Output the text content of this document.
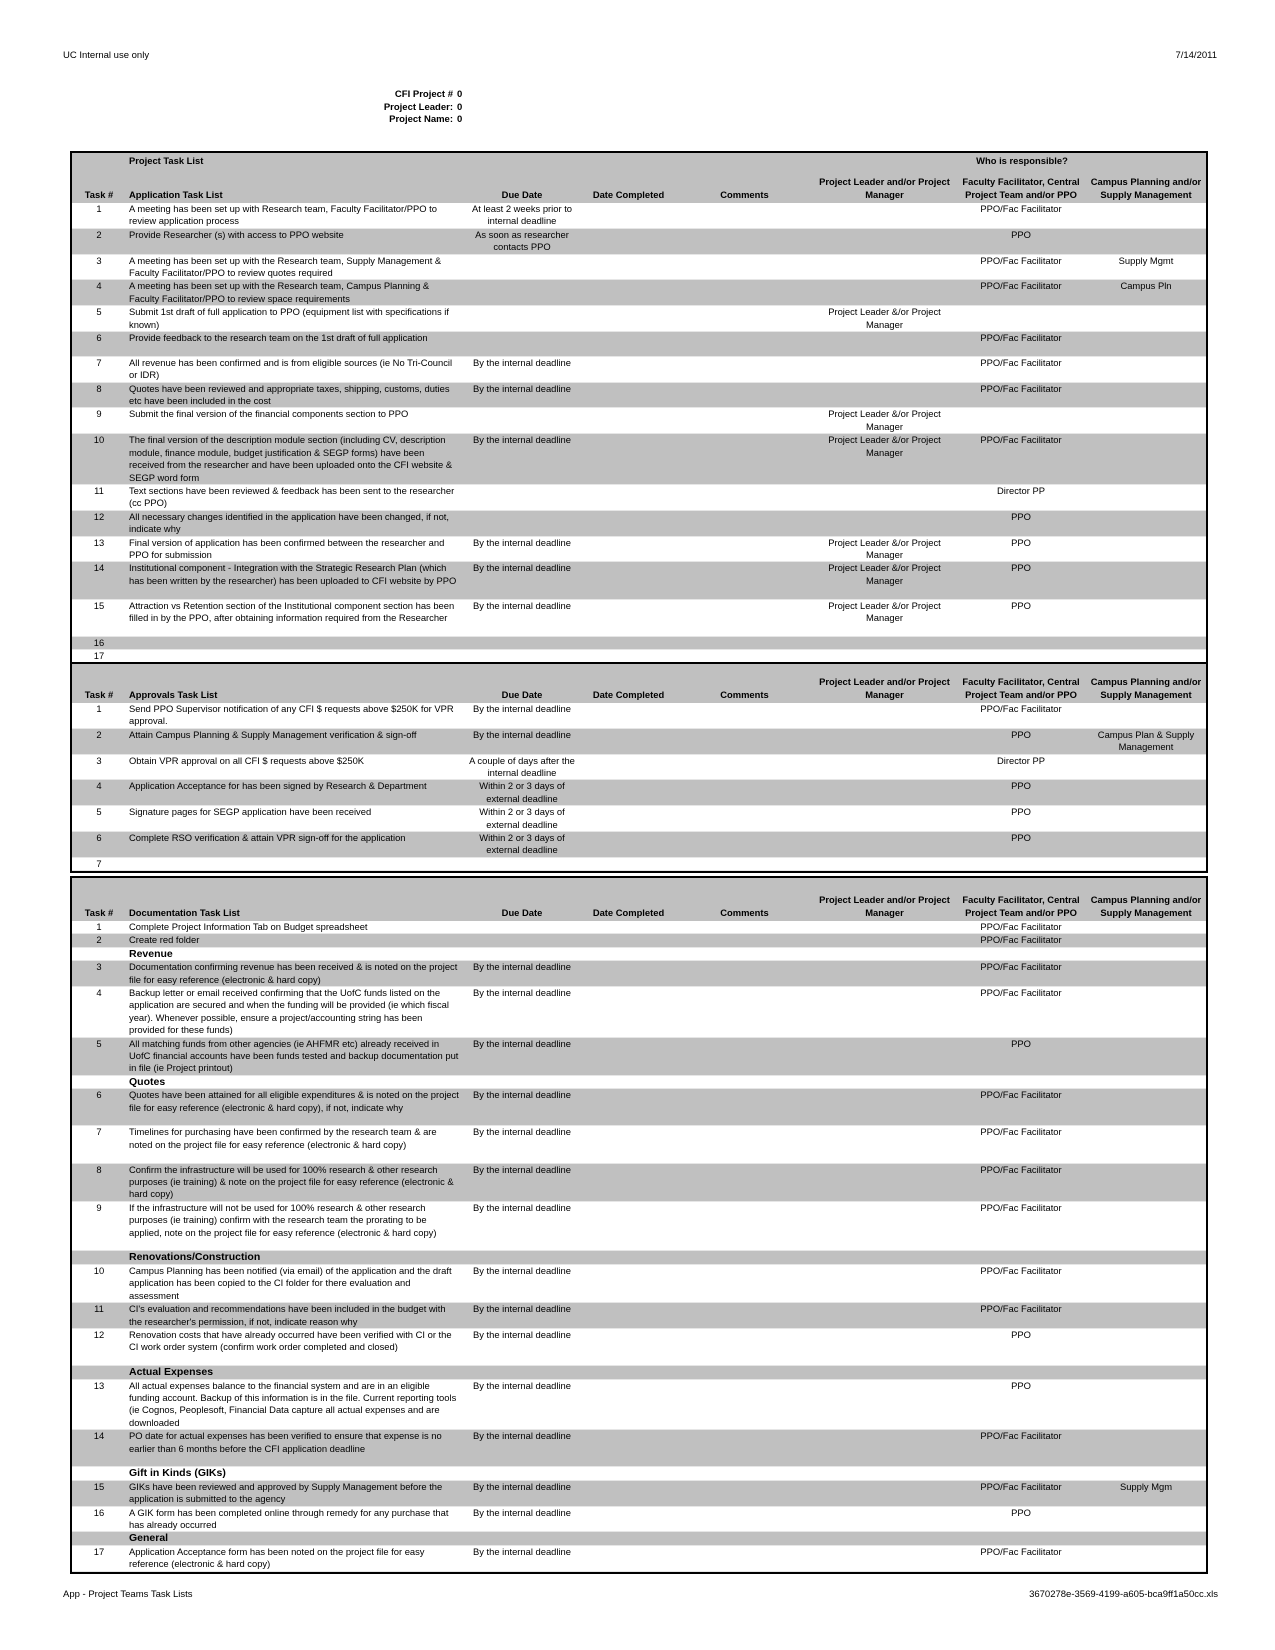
UC Internal use only	7/14/2011
CFI Project # 0
Project Leader: 0
Project Name: 0
Project Task List	Who is responsible?
Task #	Application Task List	Due Date	Date Completed	Comments	Project Leader and/or Project Manager	Faculty Facilitator, Central Project Team and/or PPO	Campus Planning and/or Supply Management
1	A meeting has been set up with Research team, Faculty Facilitator/PPO to review application process	At least 2 weeks prior to internal deadline				PPO/Fac Facilitator	
2	Provide Researcher (s) with access to PPO website	As soon as researcher contacts PPO				PPO	
3	A meeting has been set up with the Research team, Supply Management & Faculty Facilitator/PPO to review quotes required					PPO/Fac Facilitator	Supply Mgmt
4	A meeting has been set up with the Research team, Campus Planning & Faculty Facilitator/PPO to review space requirements					PPO/Fac Facilitator	Campus Pln
5	Submit 1st draft of full application to PPO (equipment list with specifications if known)				Project Leader &/or Project Manager		
6	Provide feedback to the research team on the 1st draft of full application					PPO/Fac Facilitator	
7	All revenue has been confirmed and is from eligible sources (ie No Tri-Council or IDR)	By the internal deadline				PPO/Fac Facilitator	
8	Quotes have been reviewed and appropriate taxes, shipping, customs, duties etc have been included in the cost	By the internal deadline				PPO/Fac Facilitator	
9	Submit the final version of the financial components section to PPO				Project Leader &/or Project Manager		
10	The final version of the description module section (including CV, description module, finance module, budget justification & SEGP forms) have been received from the researcher and have been uploaded onto the CFI website & SEGP word form	By the internal deadline			Project Leader &/or Project Manager	PPO/Fac Facilitator	
11	Text sections have been reviewed & feedback has been sent to the researcher (cc PPO)					Director PP	
12	All necessary changes identified in the application have been changed, if not, indicate why					PPO	
13	Final version of application has been confirmed between the researcher and PPO for submission	By the internal deadline			Project Leader &/or Project Manager	PPO	
14	Institutional component - Integration with the Strategic Research Plan (which has been written by the researcher) has been uploaded to CFI website by PPO	By the internal deadline			Project Leader &/or Project Manager	PPO	
15	Attraction vs Retention section of the Institutional component section has been filled in by the PPO, after obtaining information required from the Researcher	By the internal deadline			Project Leader &/or Project Manager	PPO	
16							
17							
Task #	Approvals Task List	Due Date	Date Completed	Comments	Project Leader and/or Project Manager	Faculty Facilitator, Central Project Team and/or PPO	Campus Planning and/or Supply Management
1	Send PPO Supervisor notification of any CFI $ requests above $250K for VPR approval.	By the internal deadline				PPO/Fac Facilitator	
2	Attain Campus Planning & Supply Management verification & sign-off	By the internal deadline				PPO	Campus Plan & Supply Management
3	Obtain VPR approval on all CFI $ requests above $250K	A couple of days after the internal deadline				Director PP	
4	Application Acceptance for has been signed by Research & Department	Within 2 or 3 days of external deadline				PPO	
5	Signature pages for SEGP application have been received	Within 2 or 3 days of external deadline				PPO	
6	Complete RSO verification & attain VPR sign-off for the application	Within 2 or 3 days of external deadline				PPO	
7							
Task #	Documentation Task List	Due Date	Date Completed	Comments	Project Leader and/or Project Manager	Faculty Facilitator, Central Project Team and/or PPO	Campus Planning and/or Supply Management
1	Complete Project Information Tab on Budget spreadsheet					PPO/Fac Facilitator	
2	Create red folder					PPO/Fac Facilitator	
	Revenue						
3	Documentation confirming revenue has been received & is noted on the project file for easy reference (electronic & hard copy)	By the internal deadline				PPO/Fac Facilitator	
4	Backup letter or email received confirming that the UofC funds listed on the application are secured and when the funding will be provided (ie which fiscal year). Whenever possible, ensure a project/accounting string has been provided for these funds)	By the internal deadline				PPO/Fac Facilitator	
5	All matching funds from other agencies (ie AHFMR etc) already received in UofC financial accounts have been funds tested and backup documentation put in file (ie Project printout)	By the internal deadline				PPO	
	Quotes						
6	Quotes have been attained for all eligible expenditures & is noted on the project file for easy reference (electronic & hard copy), if not, indicate why	By the internal deadline				PPO/Fac Facilitator	
7	Timelines for purchasing have been confirmed by the research team & are noted on the project file for easy reference (electronic & hard copy)	By the internal deadline				PPO/Fac Facilitator	
8	Confirm the infrastructure will be used for 100% research & other research purposes (ie training) & note on the project file for easy reference (electronic & hard copy)	By the internal deadline				PPO/Fac Facilitator	
9	If the infrastructure will not be used for 100% research & other research purposes (ie training) confirm with the research team the prorating to be applied, note on the project file for easy reference (electronic & hard copy)	By the internal deadline				PPO/Fac Facilitator	
	Renovations/Construction						
10	Campus Planning has been notified (via email) of the application and the draft application has been copied to the CI folder for there evaluation and assessment	By the internal deadline				PPO/Fac Facilitator	
11	CI's evaluation and recommendations have been included in the budget with the researcher's permission, if not, indicate reason why	By the internal deadline				PPO/Fac Facilitator	
12	Renovation costs that have already occurred have been verified with CI or the CI work order system (confirm work order completed and closed)	By the internal deadline				PPO	
	Actual Expenses						
13	All actual expenses balance to the financial system and are in an eligible funding account. Backup of this information is in the file. Current reporting tools (ie Cognos, Peoplesoft, Financial Data capture all actual expenses and are downloaded	By the internal deadline				PPO	
14	PO date for actual expenses has been verified to ensure that expense is no earlier than 6 months before the CFI application deadline	By the internal deadline				PPO/Fac Facilitator	
	Gift in Kinds (GIKs)						
15	GIKs have been reviewed and approved by Supply Management before the application is submitted to the agency	By the internal deadline				PPO/Fac Facilitator	Supply Mgm
16	A GIK form has been completed online through remedy for any purchase that has already occurred	By the internal deadline				PPO	
	General						
17	Application Acceptance form has been noted on the project file for easy reference (electronic & hard copy)	By the internal deadline				PPO/Fac Facilitator	
App - Project Teams Task Lists	3670278e-3569-4199-a605-bca9ff1a50cc.xls
